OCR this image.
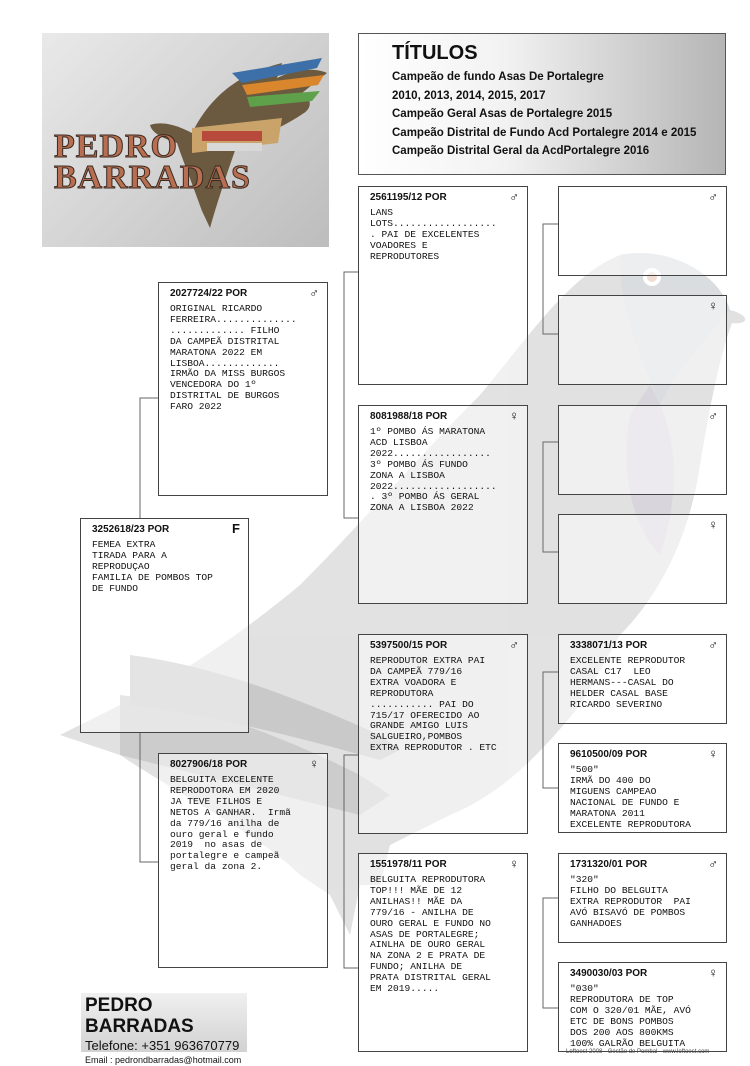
PEDRO
BARRADAS
TÍTULOS
Campeão de fundo Asas De Portalegre
2010, 2013, 2014, 2015, 2017
Campeão Geral Asas de Portalegre 2015
Campeão Distrital de Fundo Acd Portalegre 2014 e 2015
Campeão Distrital Geral da AcdPortalegre 2016
3252618/23 POR	F
FEMEA EXTRA
TIRADA PARA A
REPRODUÇAO
FAMILIA DE POMBOS TOP
DE FUNDO
2027724/22 POR	♂
ORIGINAL RICARDO
FERREIRA..............
............. FILHO
DA CAMPEÃ DISTRITAL
MARATONA 2022 EM
LISBOA.............
IRMÃO DA MISS BURGOS
VENCEDORA DO 1º
DISTRITAL DE BURGOS
FARO 2022
8027906/18 POR	♀
BELGUITA EXCELENTE
REPRODOTORA EM 2020
JA TEVE FILHOS E
NETOS A GANHAR.  Irmã
da 779/16 anilha de
ouro geral e fundo
2019  no asas de
portalegre e campeã
geral da zona 2.
2561195/12 POR	♂
LANS
LOTS..................
. PAI DE EXCELENTES
VOADORES E
REPRODUTORES
8081988/18 POR	♀
1º POMBO ÁS MARATONA
ACD LISBOA
2022.................
3º POMBO ÁS FUNDO
ZONA A LISBOA
2022..................
. 3º POMBO ÁS GERAL
ZONA A LISBOA 2022
5397500/15 POR	♂
REPRODUTOR EXTRA PAI
DA CAMPEÃ 779/16
EXTRA VOADORA E
REPRODUTORA
........... PAI DO
715/17 OFERECIDO AO
GRANDE AMIGO LUIS
SALGUEIRO,POMBOS
EXTRA REPRODUTOR . ETC
1551978/11 POR	♀
BELGUITA REPRODUTORA
TOP!!! MÃE DE 12
ANILHAS!! MÃE DA
779/16 - ANILHA DE
OURO GERAL E FUNDO NO
ASAS DE PORTALEGRE;
AINLHA DE OURO GERAL
NA ZONA 2 E PRATA DE
FUNDO; ANILHA DE
PRATA DISTRITAL GERAL
EM 2019.....
♂
♀
♂
♀
3338071/13 POR	♂
EXCELENTE REPRODUTOR
CASAL C17  LEO
HERMANS---CASAL DO
HELDER CASAL BASE
RICARDO SEVERINO
9610500/09 POR	♀
"500"
IRMÃ DO 400 DO
MIGUENS CAMPEAO
NACIONAL DE FUNDO E
MARATONA 2011
EXCELENTE REPRODUTORA
1731320/01 POR	♂
"320"
FILHO DO BELGUITA
EXTRA REPRODUTOR  PAI
AVÓ BISAVÓ DE POMBOS
GANHADOES
3490030/03 POR	♀
"030"
REPRODUTORA DE TOP
COM O 320/01 MÃE, AVÓ
ETC DE BONS POMBOS
DOS 200 AOS 800KMS
100% GALRÃO BELGUITA
PEDRO BARRADAS
Telefone: +351 963670779
Email : pedrondbarradas@hotmail.com
Loftoest 2008 - Gestão de Pombal - www.loftoest.com
